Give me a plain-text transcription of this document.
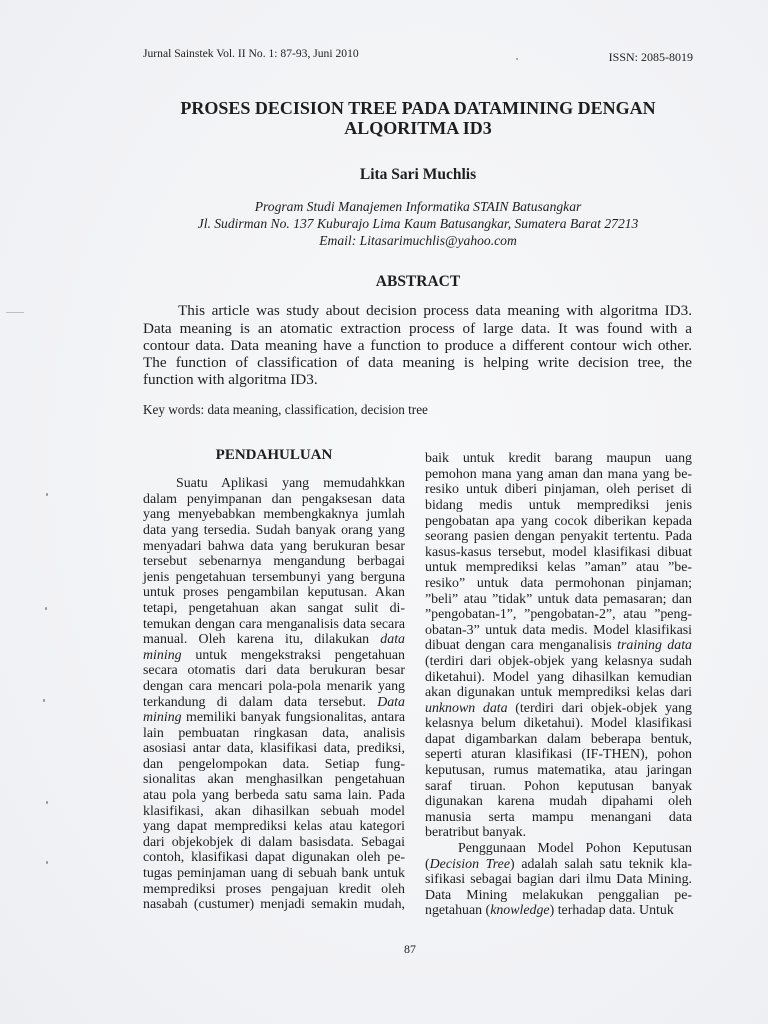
Jurnal Sainstek Vol. II No. 1: 87-93, Juni 2010	ISSN: 2085-8019
PROSES DECISION TREE PADA DATAMINING DENGAN
ALQORITMA ID3
Lita Sari Muchlis
Program Studi Manajemen Informatika STAIN Batusangkar
Jl. Sudirman No. 137 Kuburajo Lima Kaum Batusangkar, Sumatera Barat 27213
Email: Litasarimuchlis@yahoo.com
ABSTRACT
This article was study about decision process data meaning with algoritma ID3.
Data meaning is an atomatic extraction process of large data. It was found with a
contour data. Data meaning have a function to produce a different contour wich other.
The function of classification of data meaning is helping write decision tree, the
function with algoritma ID3.
Key words: data meaning, classification, decision tree
PENDAHULUAN
Suatu Aplikasi yang memudahkkan
dalam penyimpanan dan pengaksesan data
yang menyebabkan membengkaknya jumlah
data yang tersedia. Sudah banyak orang yang
menyadari bahwa data yang berukuran besar
tersebut sebenarnya mengandung berbagai
jenis pengetahuan tersembunyi yang berguna
untuk proses pengambilan keputusan. Akan
tetapi, pengetahuan akan sangat sulit di-
temukan dengan cara menganalisis data secara
manual. Oleh karena itu, dilakukan data
mining untuk mengekstraksi pengetahuan
secara otomatis dari data berukuran besar
dengan cara mencari pola-pola menarik yang
terkandung di dalam data tersebut. Data
mining memiliki banyak fungsionalitas, antara
lain pembuatan ringkasan data, analisis
asosiasi antar data, klasifikasi data, prediksi,
dan pengelompokan data. Setiap fung-
sionalitas akan menghasilkan pengetahuan
atau pola yang berbeda satu sama lain. Pada
klasifikasi, akan dihasilkan sebuah model
yang dapat memprediksi kelas atau kategori
dari objekobjek di dalam basisdata. Sebagai
contoh, klasifikasi dapat digunakan oleh pe-
tugas peminjaman uang di sebuah bank untuk
memprediksi proses pengajuan kredit oleh
nasabah (custumer) menjadi semakin mudah,
baik untuk kredit barang maupun uang
pemohon mana yang aman dan mana yang be-
resiko untuk diberi pinjaman, oleh periset di
bidang medis untuk memprediksi jenis
pengobatan apa yang cocok diberikan kepada
seorang pasien dengan penyakit tertentu. Pada
kasus-kasus tersebut, model klasifikasi dibuat
untuk memprediksi kelas ”aman” atau ”be-
resiko” untuk data permohonan pinjaman;
”beli” atau ”tidak” untuk data pemasaran; dan
”pengobatan-1”, ”pengobatan-2”, atau ”peng-
obatan-3” untuk data medis. Model klasifikasi
dibuat dengan cara menganalisis training data
(terdiri dari objek-objek yang kelasnya sudah
diketahui). Model yang dihasilkan kemudian
akan digunakan untuk memprediksi kelas dari
unknown data (terdiri dari objek-objek yang
kelasnya belum diketahui). Model klasifikasi
dapat digambarkan dalam beberapa bentuk,
seperti aturan klasifikasi (IF-THEN), pohon
keputusan, rumus matematika, atau jaringan
saraf tiruan. Pohon keputusan banyak
digunakan karena mudah dipahami oleh
manusia serta mampu menangani data
beratribut banyak.
Penggunaan Model Pohon Keputusan
(Decision Tree) adalah salah satu teknik kla-
sifikasi sebagai bagian dari ilmu Data Mining.
Data Mining melakukan penggalian pe-
ngetahuan (knowledge) terhadap data. Untuk
87
